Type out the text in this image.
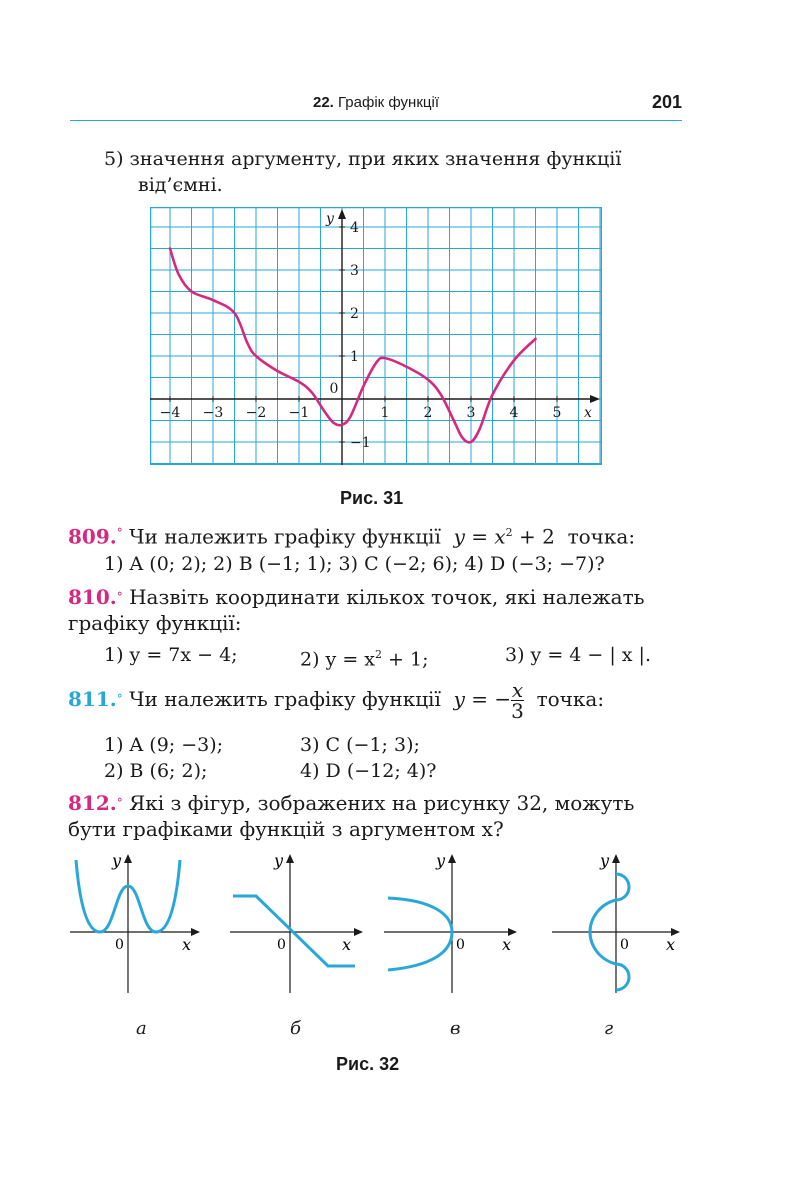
22. Графік функції	201
5) значення аргументу, при яких значення функції
від’ємні.
−4 −3 −2 −1	1 2 3 4 5
4
3
2
1
−1
0
y
x
Рис. 31
809.° Чи належить графіку функції $y = x^2 + 2$ точка:
1) A (0; 2); 2) B (−1; 1); 3) C (−2; 6); 4) D (−3; −7)?
810.° Назвіть координати кількох точок, які належать
графіку функції:
1) y = 7x − 4;	2) $y = x^2 + 1$;	3) y = 4 − | x |.
811.° Чи належить графіку функції y = − $\frac{x}{3}$ точка:
1) A (9; −3);	3) C (−1; 3);
2) B (6; 2);	4) D (−12; 4)?
812.° Які з фігур, зображених на рисунку 32, можуть
бути графіками функцій з аргументом x?
y
0	x
а
y
0	x
б
y
0 x
в
y
0 x
г
Рис. 32
